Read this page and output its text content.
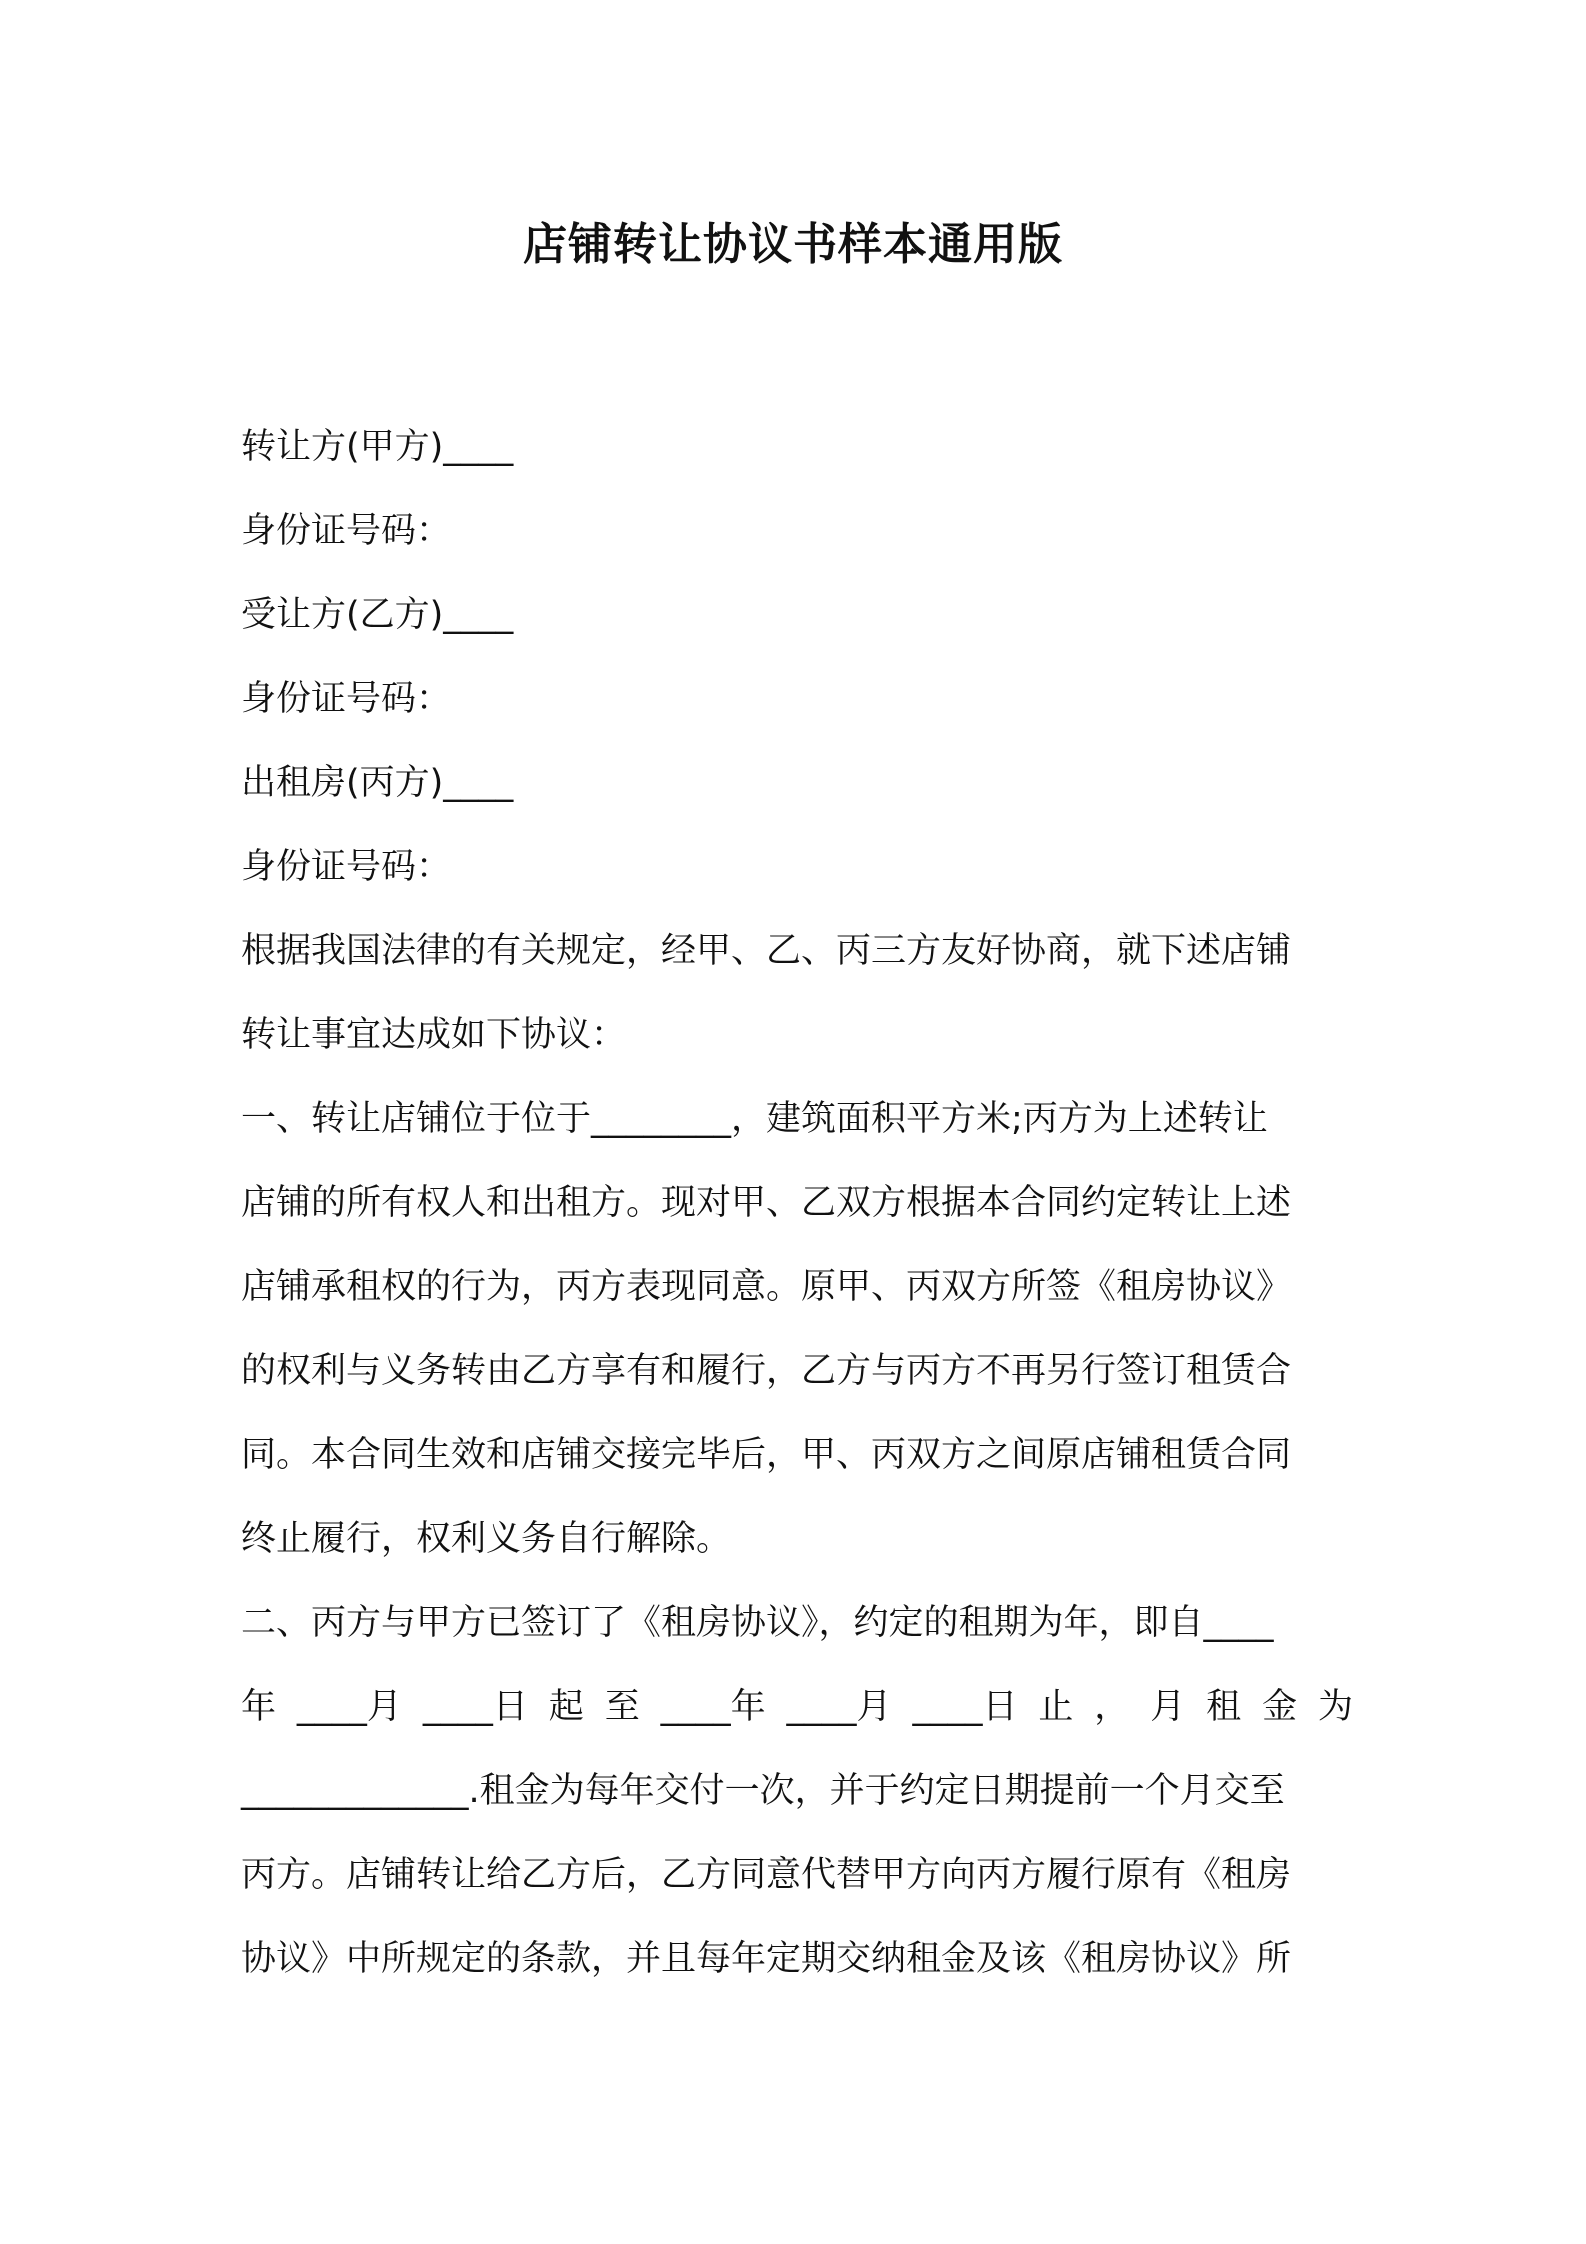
店铺转让协议书样本通用版
转让方(甲方)____
身份证号码：
受让方(乙方)____
身份证号码：
出租房(丙方)____
身份证号码：
根据我国法律的有关规定，经甲、乙、丙三方友好协商，就下述店铺
转让事宜达成如下协议：
一、转让店铺位于位于________，建筑面积平方米;丙方为上述转让
店铺的所有权人和出租方。现对甲、乙双方根据本合同约定转让上述
店铺承租权的行为，丙方表现同意。原甲、丙双方所签《租房协议》
的权利与义务转由乙方享有和履行，乙方与丙方不再另行签订租赁合
同。本合同生效和店铺交接完毕后，甲、丙双方之间原店铺租赁合同
终止履行，权利义务自行解除。
二、丙方与甲方已签订了《租房协议》，约定的租期为年，即自____
年 ____月 ____日 起 至 ____年 ____月 ____日 止 ， 月 租 金 为
_____________.租金为每年交付一次，并于约定日期提前一个月交至
丙方。店铺转让给乙方后，乙方同意代替甲方向丙方履行原有《租房
协议》中所规定的条款，并且每年定期交纳租金及该《租房协议》所
